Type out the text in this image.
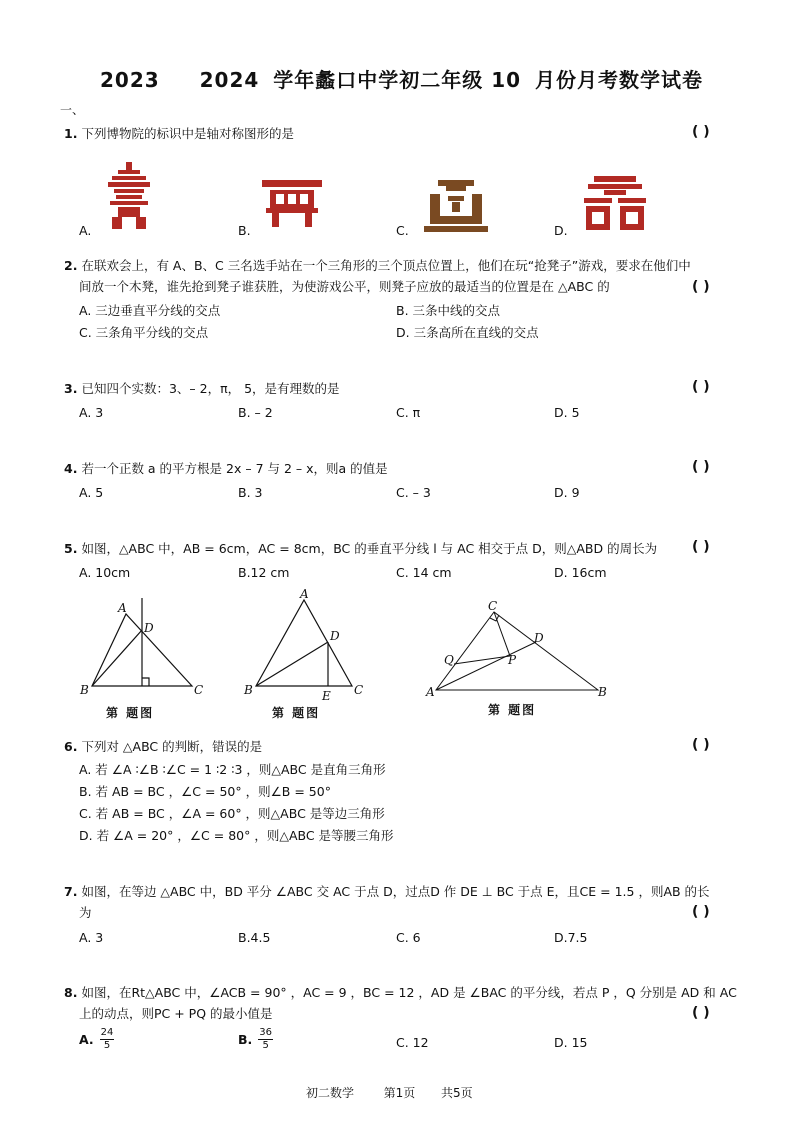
2023 2024 学年蠡口中学初二年级 10 月份月考数学试卷
一、
1. 下列博物院的标识中是轴对称图形的是	( )
A.	B.	C.	D.
2. 在联欢会上，有 A、B、C 三名选手站在一个三角形的三个顶点位置上，他们在玩“抢凳子”游戏，要求在他们中
间放一个木凳，谁先抢到凳子谁获胜，为使游戏公平，则凳子应放的最适当的位置是在 △ABC 的	( )
A. 三边垂直平分线的交点	B. 三条中线的交点
C. 三条角平分线的交点	D. 三条高所在直线的交点
3. 已知四个实数：3、– 2，π， 5，是有理数的是	( )
A. 3	B. – 2	C. π	D. 5
4. 若一个正数 a 的平方根是 2x – 7 与 2 – x，则a 的值是	( )
A. 5	B. 3	C. – 3	D. 9
5. 如图，△ABC 中，AB = 6cm，AC = 8cm，BC 的垂直平分线 l 与 AC 相交于点 D，则△ABD 的周长为 ( )
A. 10cm	B.12 cm	C. 14 cm	D. 16cm
A
D
B	C
第 题图
A
D
B	E C
第 题图
C
D
Q	P
A	B
第 题图
6. 下列对 △ABC 的判断，错误的是	( )
A. 若 ∠A ∶∠B ∶∠C = 1 ∶2 ∶3 ，则△ABC 是直角三角形
B. 若 AB = BC ，∠C = 50° ，则∠B = 50°
C. 若 AB = BC ，∠A = 60° ，则△ABC 是等边三角形
D. 若 ∠A = 20° ，∠C = 80° ，则△ABC 是等腰三角形
7. 如图，在等边 △ABC 中，BD 平分 ∠ABC 交 AC 于点 D，过点D 作 DE ⊥ BC 于点 E，且CE = 1.5 ，则AB 的长
为	( )
A. 3	B.4.5	C. 6	D.7.5
8. 如图，在Rt△ABC 中，∠ACB = 90° ，AC = 9 ，BC = 12 ，AD 是 ∠BAC 的平分线，若点 P ，Q 分别是 AD 和 AC
上的动点，则PC + PQ 的最小值是	( )
A. $\frac{24}{5}$	B. $\frac{36}{5}$	C. 12	D. 15
初二数学 第1页 共5页
